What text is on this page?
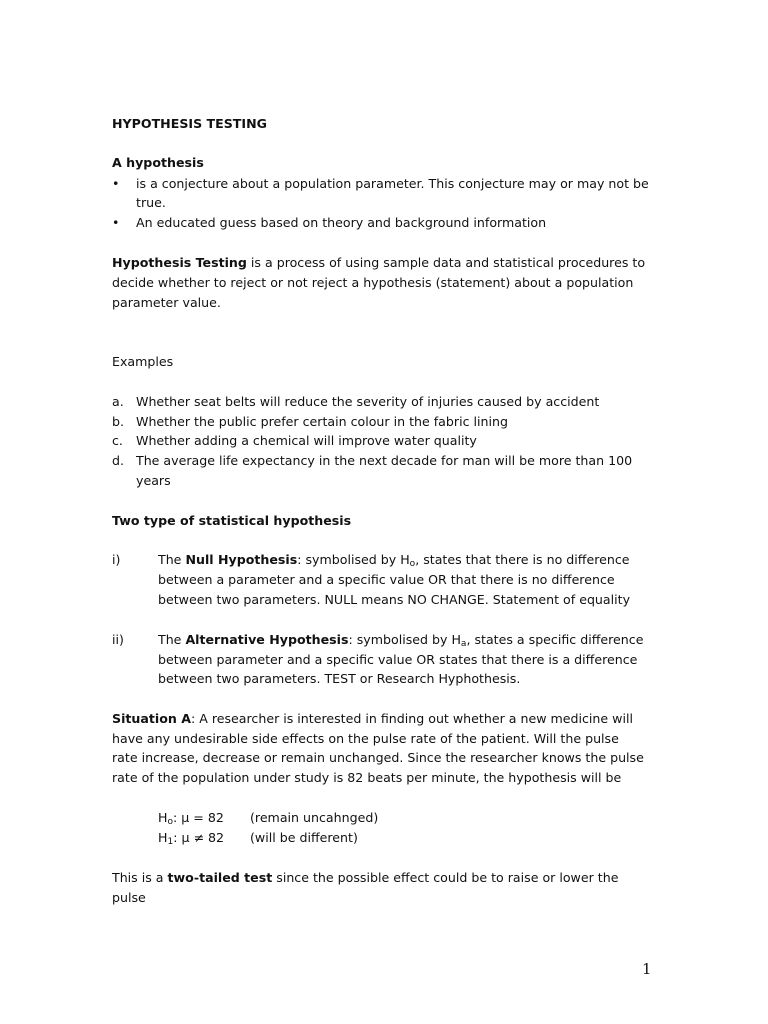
HYPOTHESIS TESTING
A hypothesis
• is a conjecture about a population parameter. This conjecture may or may not be
true.
• An educated guess based on theory and background information
Hypothesis Testing is a process of using sample data and statistical procedures to
decide whether to reject or not reject a hypothesis (statement) about a population
parameter value.
Examples
a. Whether seat belts will reduce the severity of injuries caused by accident
b. Whether the public prefer certain colour in the fabric lining
c. Whether adding a chemical will improve water quality
d. The average life expectancy in the next decade for man will be more than 100
years
Two type of statistical hypothesis
i)	The Null Hypothesis: symbolised by $H_o$, states that there is no difference
between a parameter and a specific value OR that there is no difference
between two parameters. NULL means NO CHANGE. Statement of equality
ii)	The Alternative Hypothesis: symbolised by $H_a$, states a specific difference
between parameter and a specific value OR states that there is a difference
between two parameters. TEST or Research Hyphothesis.
Situation A: A researcher is interested in finding out whether a new medicine will
have any undesirable side effects on the pulse rate of the patient. Will the pulse
rate increase, decrease or remain unchanged. Since the researcher knows the pulse
rate of the population under study is 82 beats per minute, the hypothesis will be
$H_o$: μ = 82 (remain uncahnged)
$H_1$: μ ≠ 82 (will be different)
This is a two-tailed test since the possible effect could be to raise or lower the
pulse
1
